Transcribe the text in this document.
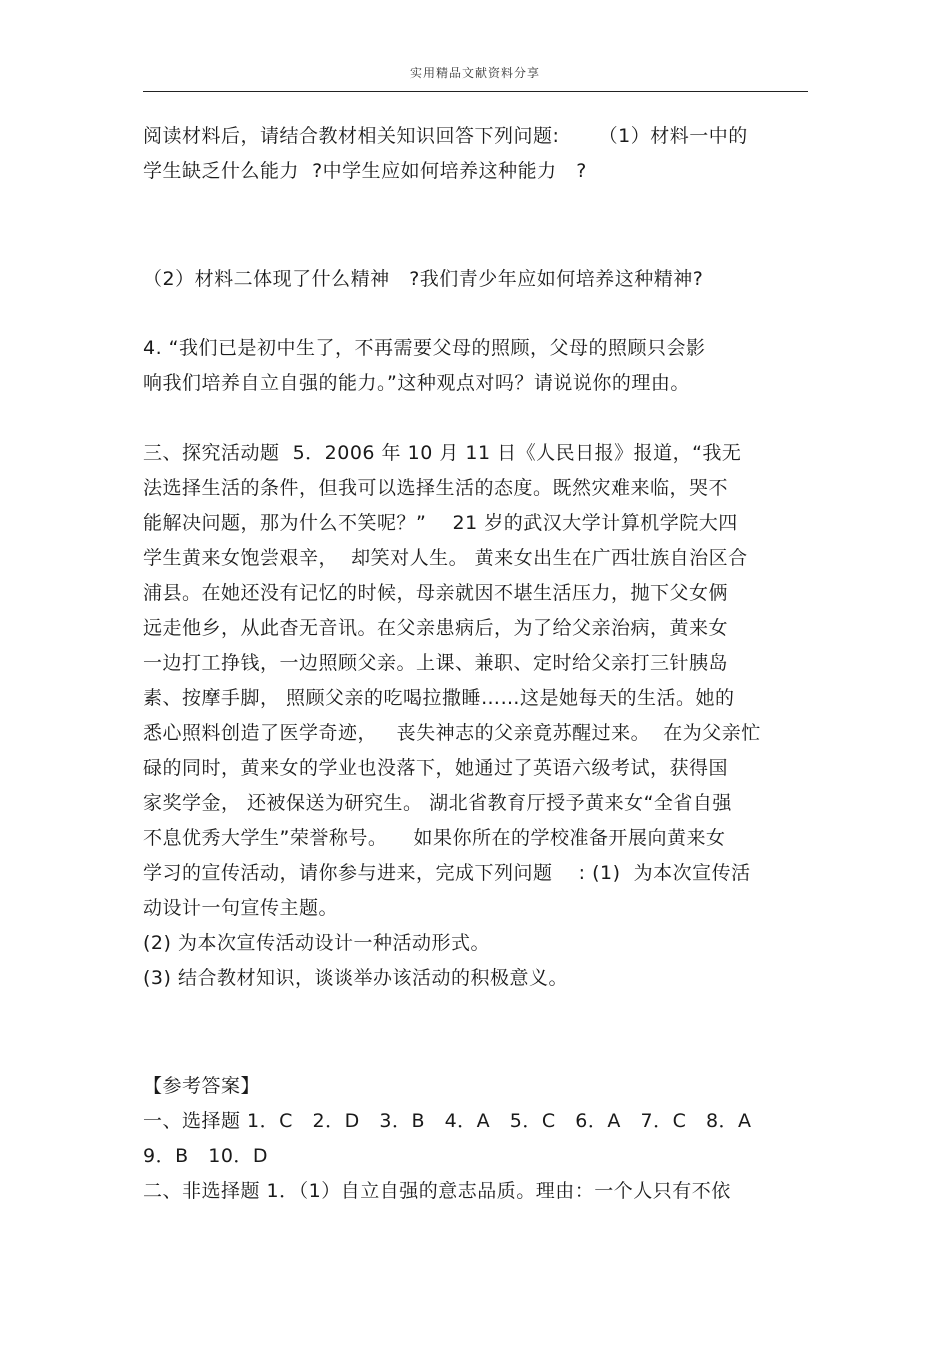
实用精品文献资料分享
阅读材料后，请结合教材相关知识回答下列问题:      （1）材料一中的
学生缺乏什么能力  ?中学生应如何培养这种能力   ?
（2）材料二体现了什么精神   ?我们青少年应如何培养这种精神?
4. “我们已是初中生了，不再需要父母的照顾，父母的照顾只会影
响我们培养自立自强的能力。”这种观点对吗？请说说你的理由。
三、探究活动题  5．2006 年 10 月 11 日《人民日报》报道，“我无
法选择生活的条件，但我可以选择生活的态度。既然灾难来临，哭不
能解决问题，那为什么不笑呢？”    21 岁的武汉大学计算机学院大四
学生黄来女饱尝艰辛，  却笑对人生。 黄来女出生在广西壮族自治区合
浦县。在她还没有记忆的时候，母亲就因不堪生活压力，抛下父女俩
远走他乡，从此杳无音讯。在父亲患病后，为了给父亲治病，黄来女
一边打工挣钱，一边照顾父亲。上课、兼职、定时给父亲打三针胰岛
素、按摩手脚， 照顾父亲的吃喝拉撒睡……这是她每天的生活。她的
悉心照料创造了医学奇迹，   丧失神志的父亲竟苏醒过来。  在为父亲忙
碌的同时，黄来女的学业也没落下，她通过了英语六级考试，获得国
家奖学金， 还被保送为研究生。 湖北省教育厅授予黄来女“全省自强
不息优秀大学生”荣誉称号。    如果你所在的学校准备开展向黄来女
学习的宣传活动，请你参与进来，完成下列问题    : (1)  为本次宣传活
动设计一句宣传主题。
(2) 为本次宣传活动设计一种活动形式。
(3) 结合教材知识，谈谈举办该活动的积极意义。
【参考答案】
一、选择题 1．C   2．D   3．B   4．A   5．C   6．A   7．C   8．A
9．B   10．D
二、非选择题 1．（1）自立自强的意志品质。理由：一个人只有不依
